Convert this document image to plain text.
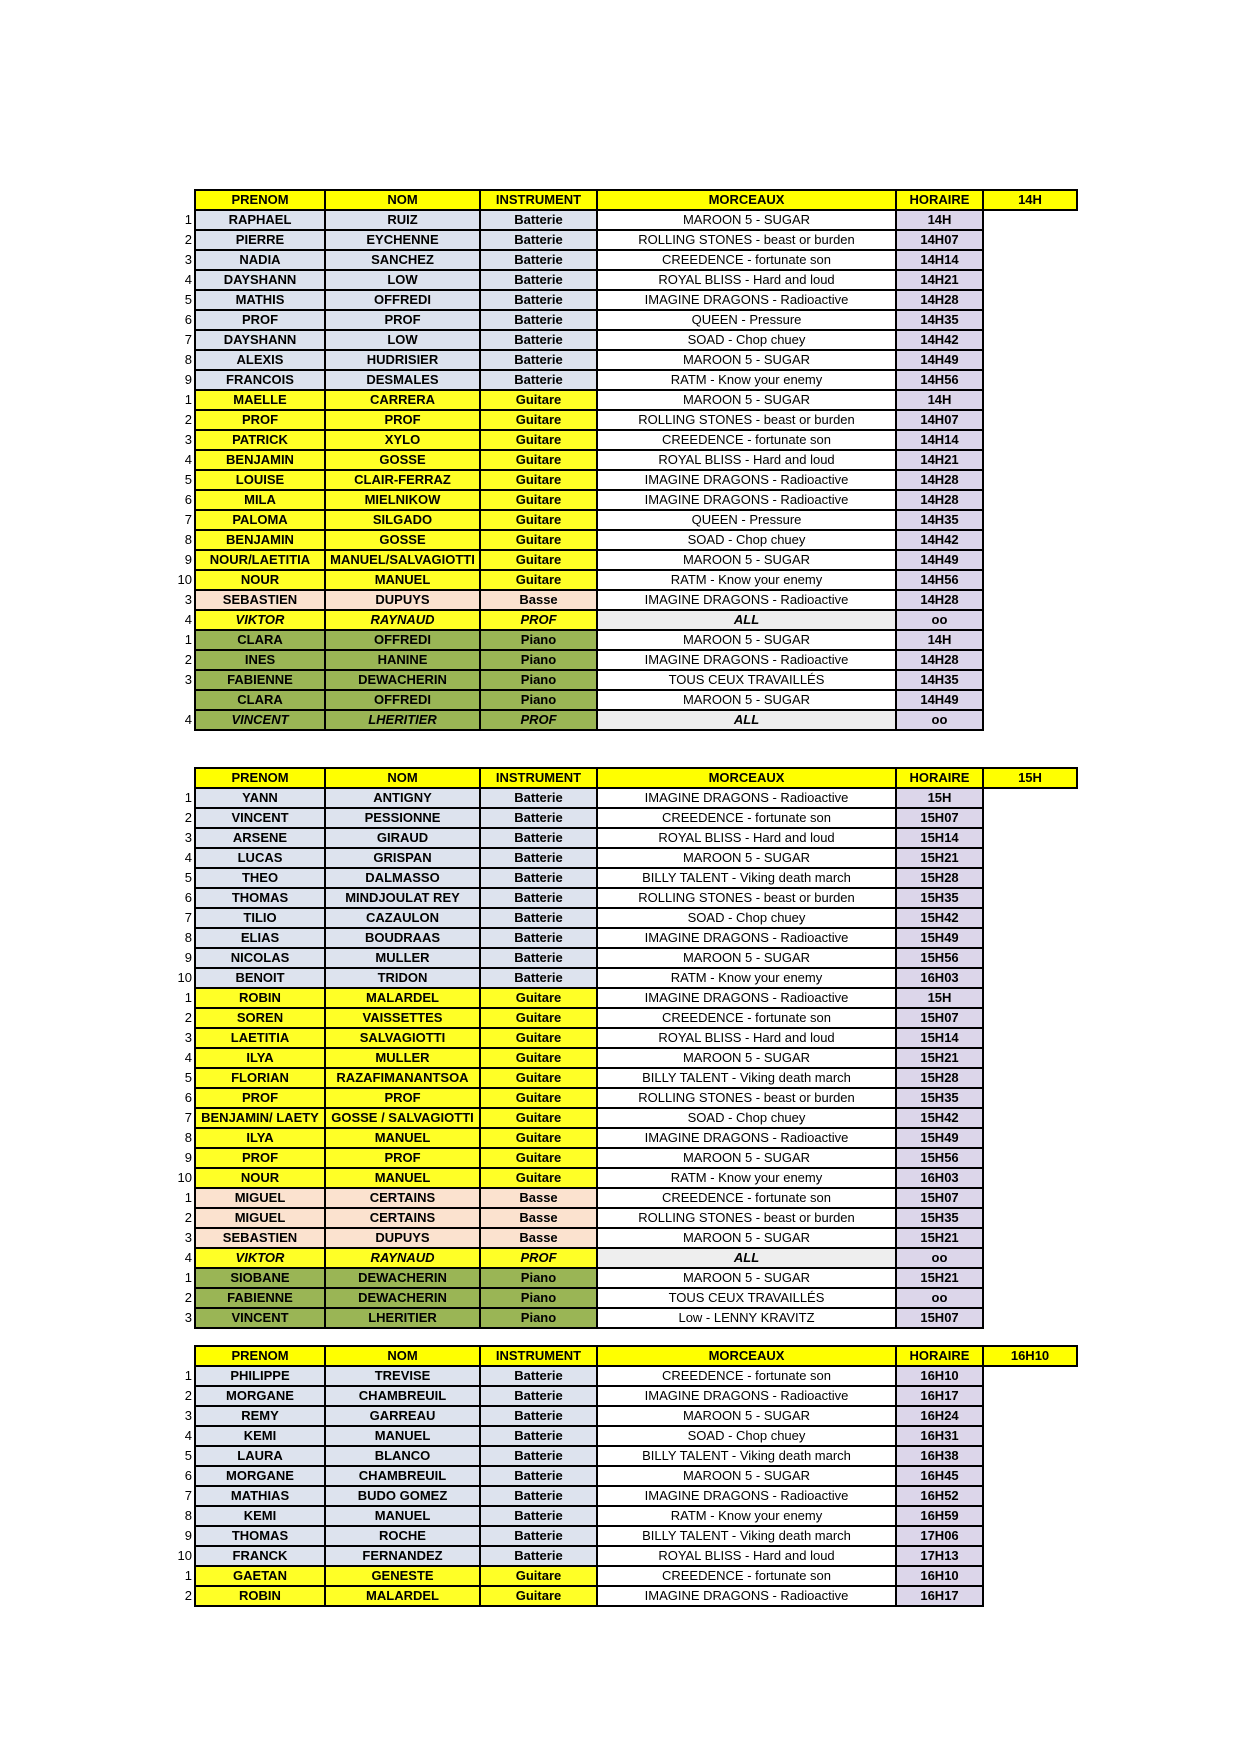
	PRENOM	NOM	INSTRUMENT	MORCEAUX	HORAIRE	14H
1	RAPHAEL	RUIZ	Batterie	MAROON 5 - SUGAR	14H	
2	PIERRE	EYCHENNE	Batterie	ROLLING STONES - beast or burden	14H07	
3	NADIA	SANCHEZ	Batterie	CREEDENCE - fortunate son	14H14	
4	DAYSHANN	LOW	Batterie	ROYAL BLISS - Hard and loud	14H21	
5	MATHIS	OFFREDI	Batterie	IMAGINE DRAGONS - Radioactive	14H28	
6	PROF	PROF	Batterie	QUEEN - Pressure	14H35	
7	DAYSHANN	LOW	Batterie	SOAD - Chop chuey	14H42	
8	ALEXIS	HUDRISIER	Batterie	MAROON 5 - SUGAR	14H49	
9	FRANCOIS	DESMALES	Batterie	RATM - Know your enemy	14H56	
1	MAELLE	CARRERA	Guitare	MAROON 5 - SUGAR	14H	
2	PROF	PROF	Guitare	ROLLING STONES - beast or burden	14H07	
3	PATRICK	XYLO	Guitare	CREEDENCE - fortunate son	14H14	
4	BENJAMIN	GOSSE	Guitare	ROYAL BLISS - Hard and loud	14H21	
5	LOUISE	CLAIR-FERRAZ	Guitare	IMAGINE DRAGONS - Radioactive	14H28	
6	MILA	MIELNIKOW	Guitare	IMAGINE DRAGONS - Radioactive	14H28	
7	PALOMA	SILGADO	Guitare	QUEEN - Pressure	14H35	
8	BENJAMIN	GOSSE	Guitare	SOAD - Chop chuey	14H42	
9	NOUR/LAETITIA	MANUEL/SALVAGIOTTI	Guitare	MAROON 5 - SUGAR	14H49	
10	NOUR	MANUEL	Guitare	RATM - Know your enemy	14H56	
3	SEBASTIEN	DUPUYS	Basse	IMAGINE DRAGONS - Radioactive	14H28	
4	VIKTOR	RAYNAUD	PROF	ALL	oo	
1	CLARA	OFFREDI	Piano	MAROON 5 - SUGAR	14H	
2	INES	HANINE	Piano	IMAGINE DRAGONS - Radioactive	14H28	
3	FABIENNE	DEWACHERIN	Piano	TOUS CEUX TRAVAILLÉS	14H35	
	CLARA	OFFREDI	Piano	MAROON 5 - SUGAR	14H49	
4	VINCENT	LHERITIER	PROF	ALL	oo	
	PRENOM	NOM	INSTRUMENT	MORCEAUX	HORAIRE	15H
1	YANN	ANTIGNY	Batterie	IMAGINE DRAGONS - Radioactive	15H	
2	VINCENT	PESSIONNE	Batterie	CREEDENCE - fortunate son	15H07	
3	ARSENE	GIRAUD	Batterie	ROYAL BLISS - Hard and loud	15H14	
4	LUCAS	GRISPAN	Batterie	MAROON 5 - SUGAR	15H21	
5	THEO	DALMASSO	Batterie	BILLY TALENT - Viking death march	15H28	
6	THOMAS	MINDJOULAT REY	Batterie	ROLLING STONES - beast or burden	15H35	
7	TILIO	CAZAULON	Batterie	SOAD - Chop chuey	15H42	
8	ELIAS	BOUDRAAS	Batterie	IMAGINE DRAGONS - Radioactive	15H49	
9	NICOLAS	MULLER	Batterie	MAROON 5 - SUGAR	15H56	
10	BENOIT	TRIDON	Batterie	RATM - Know your enemy	16H03	
1	ROBIN	MALARDEL	Guitare	IMAGINE DRAGONS - Radioactive	15H	
2	SOREN	VAISSETTES	Guitare	CREEDENCE - fortunate son	15H07	
3	LAETITIA	SALVAGIOTTI	Guitare	ROYAL BLISS - Hard and loud	15H14	
4	ILYA	MULLER	Guitare	MAROON 5 - SUGAR	15H21	
5	FLORIAN	RAZAFIMANANTSOA	Guitare	BILLY TALENT - Viking death march	15H28	
6	PROF	PROF	Guitare	ROLLING STONES - beast or burden	15H35	
7	BENJAMIN/ LAETY	GOSSE / SALVAGIOTTI	Guitare	SOAD - Chop chuey	15H42	
8	ILYA	MANUEL	Guitare	IMAGINE DRAGONS - Radioactive	15H49	
9	PROF	PROF	Guitare	MAROON 5 - SUGAR	15H56	
10	NOUR	MANUEL	Guitare	RATM - Know your enemy	16H03	
1	MIGUEL	CERTAINS	Basse	CREEDENCE - fortunate son	15H07	
2	MIGUEL	CERTAINS	Basse	ROLLING STONES - beast or burden	15H35	
3	SEBASTIEN	DUPUYS	Basse	MAROON 5 - SUGAR	15H21	
4	VIKTOR	RAYNAUD	PROF	ALL	oo	
1	SIOBANE	DEWACHERIN	Piano	MAROON 5 - SUGAR	15H21	
2	FABIENNE	DEWACHERIN	Piano	TOUS CEUX TRAVAILLÉS	oo	
3	VINCENT	LHERITIER	Piano	Low - LENNY KRAVITZ	15H07	
	PRENOM	NOM	INSTRUMENT	MORCEAUX	HORAIRE	16H10
1	PHILIPPE	TREVISE	Batterie	CREEDENCE - fortunate son	16H10	
2	MORGANE	CHAMBREUIL	Batterie	IMAGINE DRAGONS - Radioactive	16H17	
3	REMY	GARREAU	Batterie	MAROON 5 - SUGAR	16H24	
4	KEMI	MANUEL	Batterie	SOAD - Chop chuey	16H31	
5	LAURA	BLANCO	Batterie	BILLY TALENT - Viking death march	16H38	
6	MORGANE	CHAMBREUIL	Batterie	MAROON 5 - SUGAR	16H45	
7	MATHIAS	BUDO GOMEZ	Batterie	IMAGINE DRAGONS - Radioactive	16H52	
8	KEMI	MANUEL	Batterie	RATM - Know your enemy	16H59	
9	THOMAS	ROCHE	Batterie	BILLY TALENT - Viking death march	17H06	
10	FRANCK	FERNANDEZ	Batterie	ROYAL BLISS - Hard and loud	17H13	
1	GAETAN	GENESTE	Guitare	CREEDENCE - fortunate son	16H10	
2	ROBIN	MALARDEL	Guitare	IMAGINE DRAGONS - Radioactive	16H17	
